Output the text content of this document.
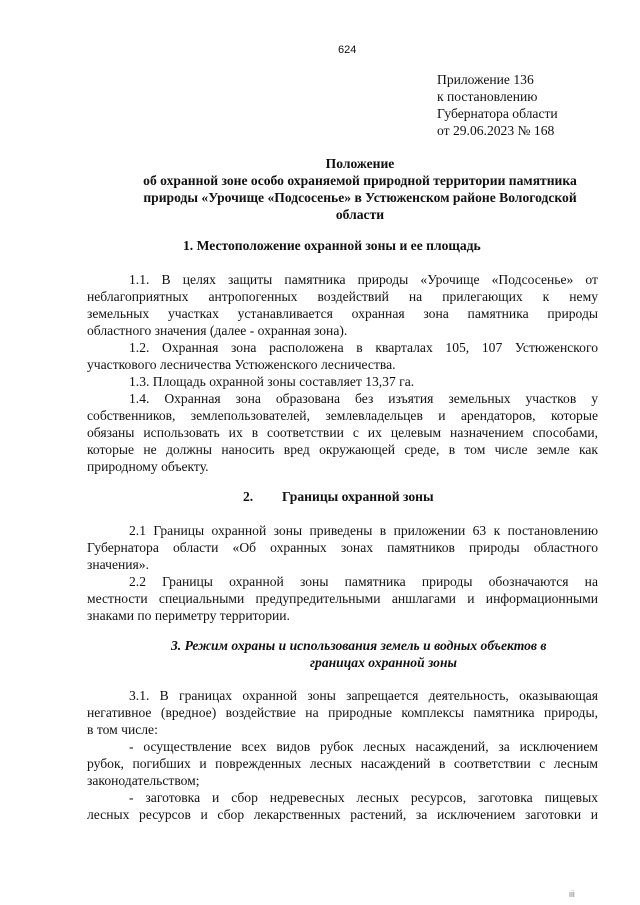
624
Приложение 136
к постановлению
Губернатора области
от 29.06.2023 № 168
Положение
об охранной зоне особо охраняемой природной территории памятника
природы «Урочище «Подсосенье» в Устюженском районе Вологодской
области
1. Местоположение охранной зоны и ее площадь
1.1. В целях защиты памятника природы «Урочище «Подсосенье» от
неблагоприятных антропогенных воздействий на прилегающих к нему
земельных участках устанавливается охранная зона памятника природы
областного значения (далее - охранная зона).
1.2. Охранная зона расположена в кварталах 105, 107 Устюженского
участкового лесничества Устюженского лесничества.
1.3. Площадь охранной зоны составляет 13,37 га.
1.4. Охранная зона образована без изъятия земельных участков у
собственников, землепользователей, землевладельцев и арендаторов, которые
обязаны использовать их в соответствии с их целевым назначением способами,
которые не должны наносить вред окружающей среде, в том числе земле как
природному объекту.
2. Границы охранной зоны
2.1 Границы охранной зоны приведены в приложении 63 к постановлению
Губернатора области «Об охранных зонах памятников природы областного
значения».
2.2 Границы охранной зоны памятника природы обозначаются на
местности специальными предупредительными аншлагами и информационными
знаками по периметру территории.
3. Режим охраны и использования земель и водных объектов в
границах охранной зоны
3.1. В границах охранной зоны запрещается деятельность, оказывающая
негативное (вредное) воздействие на природные комплексы памятника природы,
в том числе:
- осуществление всех видов рубок лесных насаждений, за исключением
рубок, погибших и поврежденных лесных насаждений в соответствии с лесным
законодательством;
- заготовка и сбор недревесных лесных ресурсов, заготовка пищевых
лесных ресурсов и сбор лекарственных растений, за исключением заготовки и
Iİİ
